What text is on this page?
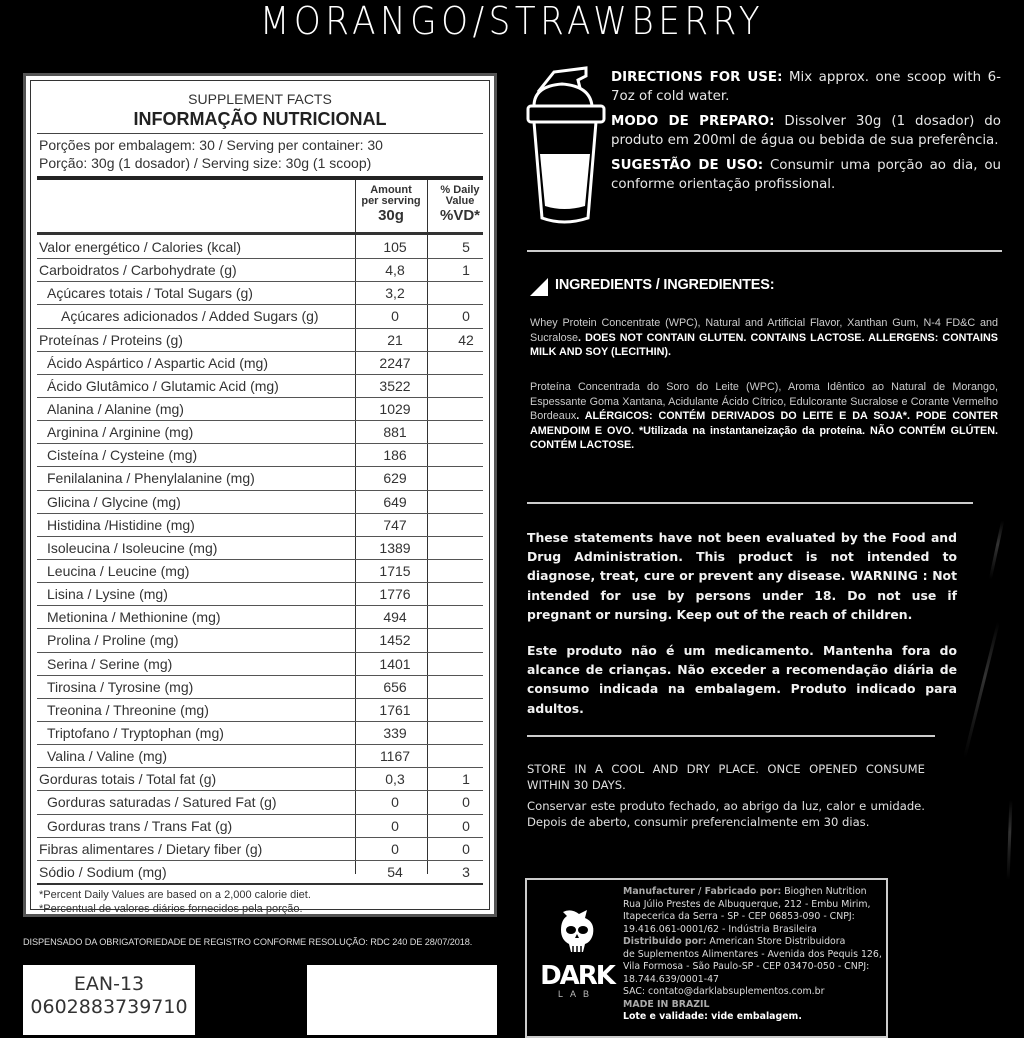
MORANGO/STRAWBERRY
SUPPLEMENT FACTS
INFORMAÇÃO NUTRICIONAL
Porções por embalagem: 30 / Serving per container: 30
Porção: 30g (1 dosador) / Serving size: 30g (1 scoop)
Amount
per serving
30g
% Daily
Value
%VD*
Valor energético / Calories (kcal)	105	5
Carboidratos / Carbohydrate (g)	4,8	1
Açúcares totais / Total Sugars (g)	3,2
Açúcares adicionados / Added Sugars (g)	0	0
Proteínas / Proteins (g)	21	42
Ácido Aspártico / Aspartic Acid (mg)	2247
Ácido Glutâmico / Glutamic Acid (mg)	3522
Alanina / Alanine (mg)	1029
Arginina / Arginine (mg)	881
Cisteína / Cysteine (mg)	186
Fenilalanina / Phenylalanine (mg)	629
Glicina / Glycine (mg)	649
Histidina /Histidine (mg)	747
Isoleucina / Isoleucine (mg)	1389
Leucina / Leucine (mg)	1715
Lisina / Lysine (mg)	1776
Metionina / Methionine (mg)	494
Prolina / Proline (mg)	1452
Serina / Serine (mg)	1401
Tirosina / Tyrosine (mg)	656
Treonina / Threonine (mg)	1761
Triptofano / Tryptophan (mg)	339
Valina / Valine (mg)	1167
Gorduras totais / Total fat (g)	0,3	1
Gorduras saturadas / Satured Fat (g)	0	0
Gorduras trans / Trans Fat (g)	0	0
Fibras alimentares / Dietary fiber (g)	0	0
Sódio / Sodium (mg)	54	3
*Percent Daily Values are based on a 2,000 calorie diet.
*Percentual de valores diários fornecidos pela porção.
DISPENSADO DA OBRIGATORIEDADE DE REGISTRO CONFORME RESOLUÇÃO: RDC 240 DE 28/07/2018.
EAN-13
0602883739710

DIRECTIONS FOR USE: Mix approx. one scoop with 6-7oz of cold water.

MODO DE PREPARO: Dissolver 30g (1 dosador) do produto em 200ml de água ou bebida de sua preferência.

SUGESTÃO DE USO: Consumir uma porção ao dia, ou conforme orientação profissional.

INGREDIENTS / INGREDIENTES:
Whey Protein Concentrate (WPC), Natural and Artificial Flavor, Xanthan Gum, N-4 FD&C and Sucralose. DOES NOT CONTAIN GLUTEN. CONTAINS LACTOSE. ALLERGENS: CONTAINS MILK AND SOY (LECITHIN).
Proteína Concentrada do Soro do Leite (WPC), Aroma Idêntico ao Natural de Morango, Espessante Goma Xantana, Acidulante Ácido Cítrico, Edulcorante Sucralose e Corante Vermelho Bordeaux. ALÉRGICOS: CONTÉM DERIVADOS DO LEITE E DA SOJA*. PODE CONTER AMENDOIM E OVO. *Utilizada na instantaneização da proteína. NÃO CONTÉM GLÚTEN. CONTÉM LACTOSE.
These statements have not been evaluated by the Food and Drug Administration. This product is not intended to diagnose, treat, cure or prevent any disease. WARNING : Not intended for use by persons under 18. Do not use if pregnant or nursing. Keep out of the reach of children.
Este produto não é um medicamento. Mantenha fora do alcance de crianças. Não exceder a recomendação diária de consumo indicada na embalagem. Produto indicado para adultos.
STORE IN A COOL AND DRY PLACE. ONCE OPENED CONSUME WITHIN 30 DAYS.
Conservar este produto fechado, ao abrigo da luz, calor e umidade. Depois de aberto, consumir preferencialmente em 30 dias.
DARK
LAB
Manufacturer / Fabricado por: Bioghen Nutrition
Rua Júlio Prestes de Albuquerque, 212 - Embu Mirim,
Itapecerica da Serra - SP - CEP 06853-090 - CNPJ:
19.416.061-0001/62 - Indústria Brasileira
Distribuido por: American Store Distribuidora
de Suplementos Alimentares - Avenida dos Pequis 126,
Vila Formosa - São Paulo-SP - CEP 03470-050 - CNPJ:
18.744.639/0001-47
SAC: contato@darklabsuplementos.com.br
MADE IN BRAZIL
Lote e validade: vide embalagem.
